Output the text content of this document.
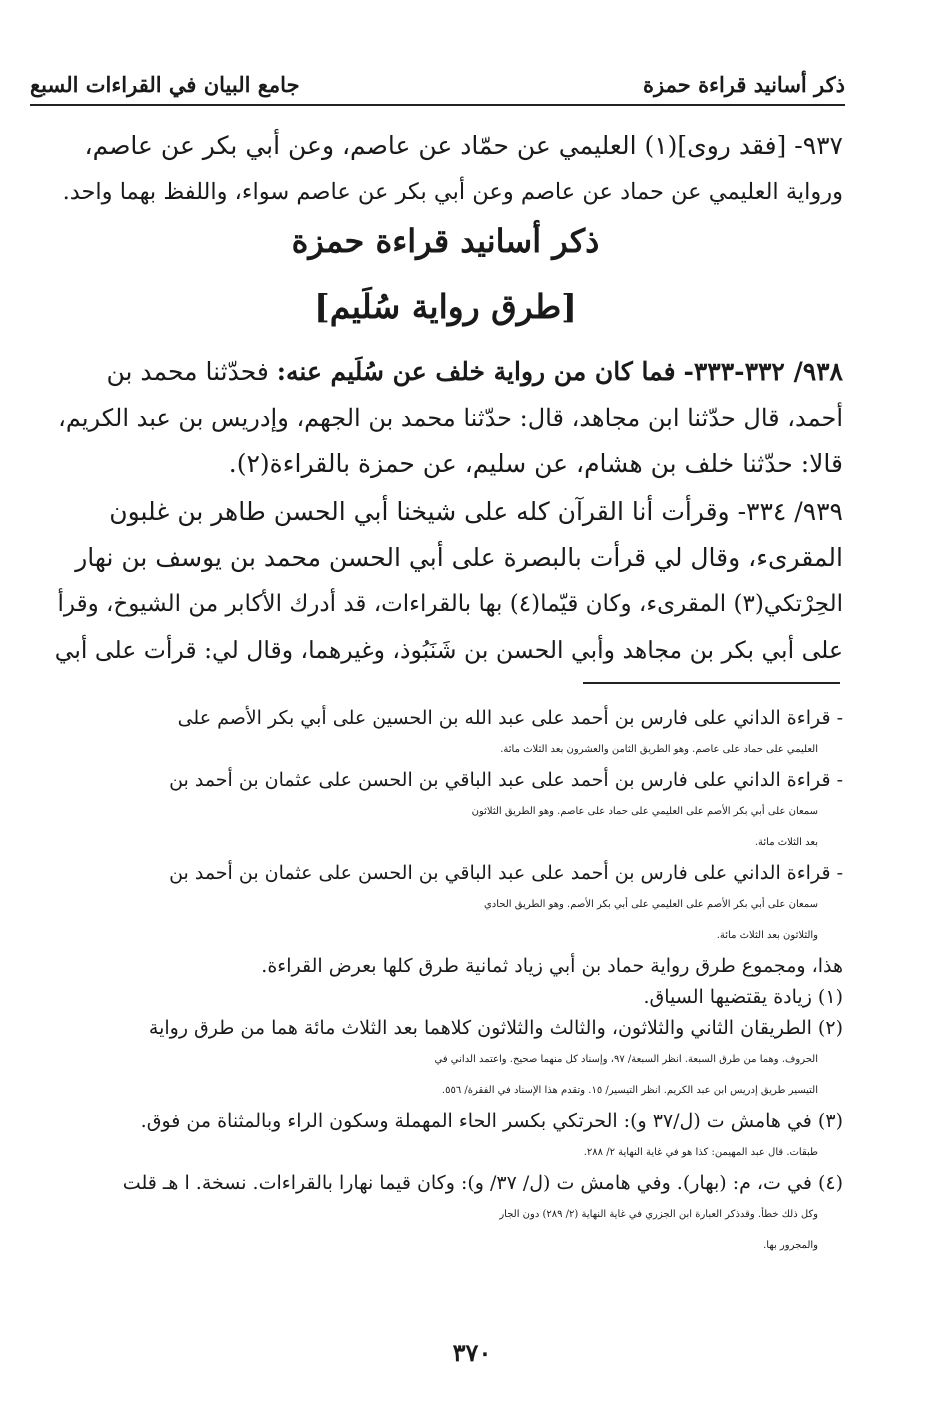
ذكر أسانيد قراءة حمزة
جامع البيان في القراءات السبع
٩٣٧- [فقد روى](١) العليمي عن حمّاد عن عاصم، وعن أبي بكر عن عاصم،
ورواية العليمي عن حماد عن عاصم وعن أبي بكر عن عاصم سواء، واللفظ بهما واحد.
ذكر أسانيد قراءة حمزة
[طرق رواية سُلَيم]
٩٣٨/ ٣٣٢-٣٣٣- فما كان من رواية خلف عن سُلَيم عنه: فحدّثنا محمد بن
أحمد، قال حدّثنا ابن مجاهد، قال: حدّثنا محمد بن الجهم، وإدريس بن عبد الكريم،
قالا: حدّثنا خلف بن هشام، عن سليم، عن حمزة بالقراءة(٢).
٩٣٩/ ٣٣٤- وقرأت أنا القرآن كله على شيخنا أبي الحسن طاهر بن غلبون
المقرىء، وقال لي قرأت بالبصرة على أبي الحسن محمد بن يوسف بن نهار
الحِرْتكي(٣) المقرىء، وكان قيّما(٤) بها بالقراءات، قد أدرك الأكابر من الشيوخ، وقرأ
على أبي بكر بن مجاهد وأبي الحسن بن شَنَبُوذ، وغيرهما، وقال لي: قرأت على أبي
- قراءة الداني على فارس بن أحمد على عبد الله بن الحسين على أبي بكر الأصم على
العليمي على حماد على عاصم. وهو الطريق الثامن والعشرون بعد الثلاث مائة.
- قراءة الداني على فارس بن أحمد على عبد الباقي بن الحسن على عثمان بن أحمد بن
سمعان على أبي بكر الأصم على العليمي على حماد على عاصم. وهو الطريق الثلاثون
بعد الثلاث مائة.
- قراءة الداني على فارس بن أحمد على عبد الباقي بن الحسن على عثمان بن أحمد بن
سمعان على أبي بكر الأصم على العليمي على أبي بكر الأصم. وهو الطريق الحادي
والثلاثون بعد الثلاث مائة.
هذا، ومجموع طرق رواية حماد بن أبي زياد ثمانية طرق كلها بعرض القراءة.
(١) زيادة يقتضيها السياق.
(٢) الطريقان الثاني والثلاثون، والثالث والثلاثون كلاهما بعد الثلاث مائة هما من طرق رواية
الحروف. وهما من طرق السبعة. انظر السبعة/ ٩٧، وإسناد كل منهما صحيح. واعتمد الداني في
التيسير طريق إدريس ابن عبد الكريم. انظر التيسير/ ١٥. وتقدم هذا الإسناد في الفقرة/ ٥٥٦.
(٣) في هامش ت (ل/٣٧ و): الحرتكي بكسر الحاء المهملة وسكون الراء وبالمثناة من فوق.
طبقات. قال عبد المهيمن: كذا هو في غاية النهاية ٢/ ٢٨٨.
(٤) في ت، م: (بهار). وفي هامش ت (ل/ ٣٧/ و): وكان قيما نهارا بالقراءات. نسخة. ا هـ قلت
وكل ذلك خطأ. وقدذكر العبارة ابن الجزري في غاية النهاية (٢/ ٢٨٩) دون الجار
والمجرور بها.
٣٧٠
